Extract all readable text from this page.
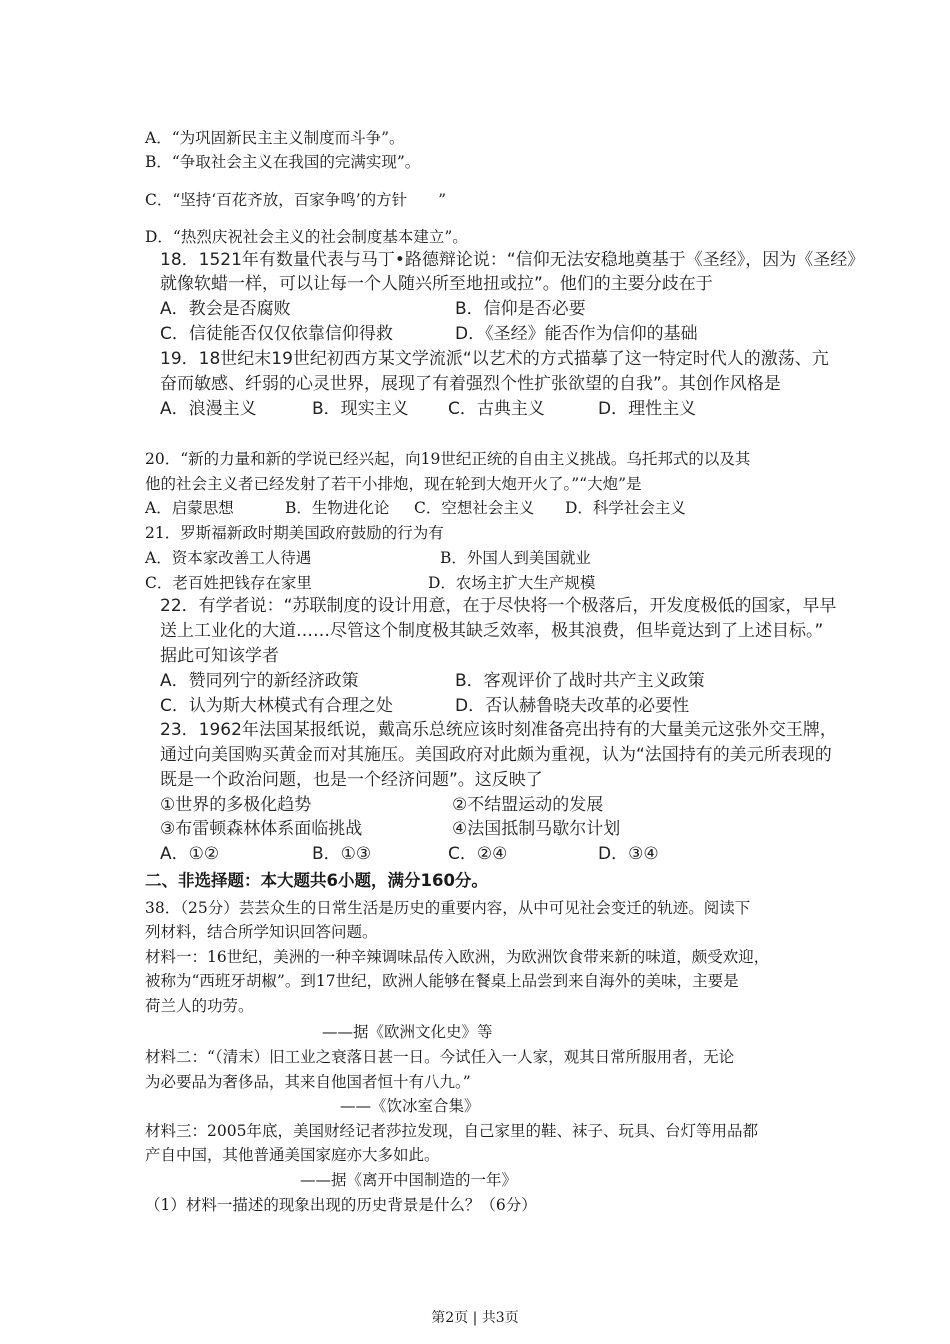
A．“为巩固新民主主义制度而斗争”。
B．“争取社会主义在我国的完满实现”。
C．“坚持‘百花齐放，百家争鸣’的方针　　”
D．“热烈庆祝社会主义的社会制度基本建立”。
18．1521年有数量代表与马丁•路德辩论说：“信仰无法安稳地奠基于《圣经》，因为《圣经》
就像软蜡一样，可以让每一个人随兴所至地扭或拉”。他们的主要分歧在于
A．教会是否腐败	B．信仰是否必要
C．信徒能否仅仅依靠信仰得救	D．《圣经》能否作为信仰的基础
19．18世纪末19世纪初西方某文学流派“以艺术的方式描摹了这一特定时代人的激荡、亢
奋而敏感、纤弱的心灵世界，展现了有着强烈个性扩张欲望的自我”。其创作风格是
A．浪漫主义	B．现实主义 C．古典主义	D．理性主义
20．“新的力量和新的学说已经兴起，向19世纪正统的自由主义挑战。乌托邦式的以及其
他的社会主义者已经发射了若干小排炮，现在轮到大炮开火了。”“大炮”是
A．启蒙思想	B．生物进化论 C．空想社会主义 D．科学社会主义
21．罗斯福新政时期美国政府鼓励的行为有
A．资本家改善工人待遇	B．外国人到美国就业
C．老百姓把钱存在家里	D．农场主扩大生产规模
22．有学者说：“苏联制度的设计用意，在于尽快将一个极落后，开发度极低的国家，早早
送上工业化的大道……尽管这个制度极其缺乏效率，极其浪费，但毕竟达到了上述目标。”
据此可知该学者
A．赞同列宁的新经济政策	B．客观评价了战时共产主义政策
C．认为斯大林模式有合理之处	D．否认赫鲁晓夫改革的必要性
23．1962年法国某报纸说，戴高乐总统应该时刻准备亮出持有的大量美元这张外交王牌，
通过向美国购买黄金而对其施压。美国政府对此颇为重视，认为“法国持有的美元所表现的
既是一个政治问题，也是一个经济问题”。这反映了
①世界的多极化趋势	②不结盟运动的发展
③布雷顿森林体系面临挑战	④法国抵制马歇尔计划
A．①②	B．①③	C．②④	D．③④
二、非选择题：本大题共6小题，满分160分。
38．（25分）芸芸众生的日常生活是历史的重要内容，从中可见社会变迁的轨迹。阅读下
列材料，结合所学知识回答问题。
材料一：16世纪，美洲的一种辛辣调味品传入欧洲，为欧洲饮食带来新的味道，颇受欢迎，
被称为“西班牙胡椒”。到17世纪，欧洲人能够在餐桌上品尝到来自海外的美味，主要是
荷兰人的功劳。
——据《欧洲文化史》等
材料二：“（清末）旧工业之衰落日甚一日。今试任入一人家，观其日常所服用者，无论
为必要品为奢侈品，其来自他国者恒十有八九。”
——《饮冰室合集》
材料三：2005年底，美国财经记者莎拉发现，自己家里的鞋、袜子、玩具、台灯等用品都
产自中国，其他普通美国家庭亦大多如此。
——据《离开中国制造的一年》
（1）材料一描述的现象出现的历史背景是什么？（6分）
第2页 | 共3页
